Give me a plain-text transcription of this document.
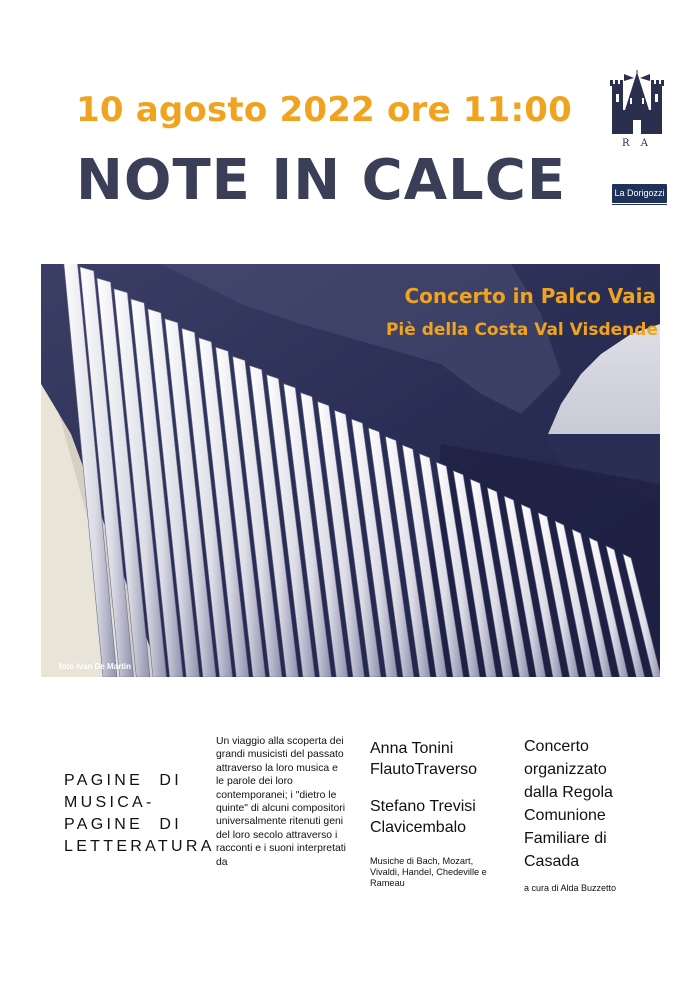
10 agosto 2022 ore 11:00
NOTE IN CALCE
R A
La Dorigozzi

Concerto in Palco Vaia

Piè della Costa Val Visdende

foto Ivan De Martin

PAGINE DI MUSICA- PAGINE DI LETTERATURA

Un viaggio alla scoperta dei grandi musicisti del passato attraverso la loro musica e le parole dei loro contemporanei; i "dietro le quinte" di alcuni compositori universalmente ritenuti geni del loro secolo attraverso i racconti e i suoni interpretati da

Anna Tonini

FlautoTraverso

Stefano Trevisi

Clavicembalo

Musiche di Bach, Mozart, Vivaldi, Handel, Chedeville e Rameau

Concerto organizzato dalla Regola Comunione Familiare di Casada

a cura di Alda Buzzetto
